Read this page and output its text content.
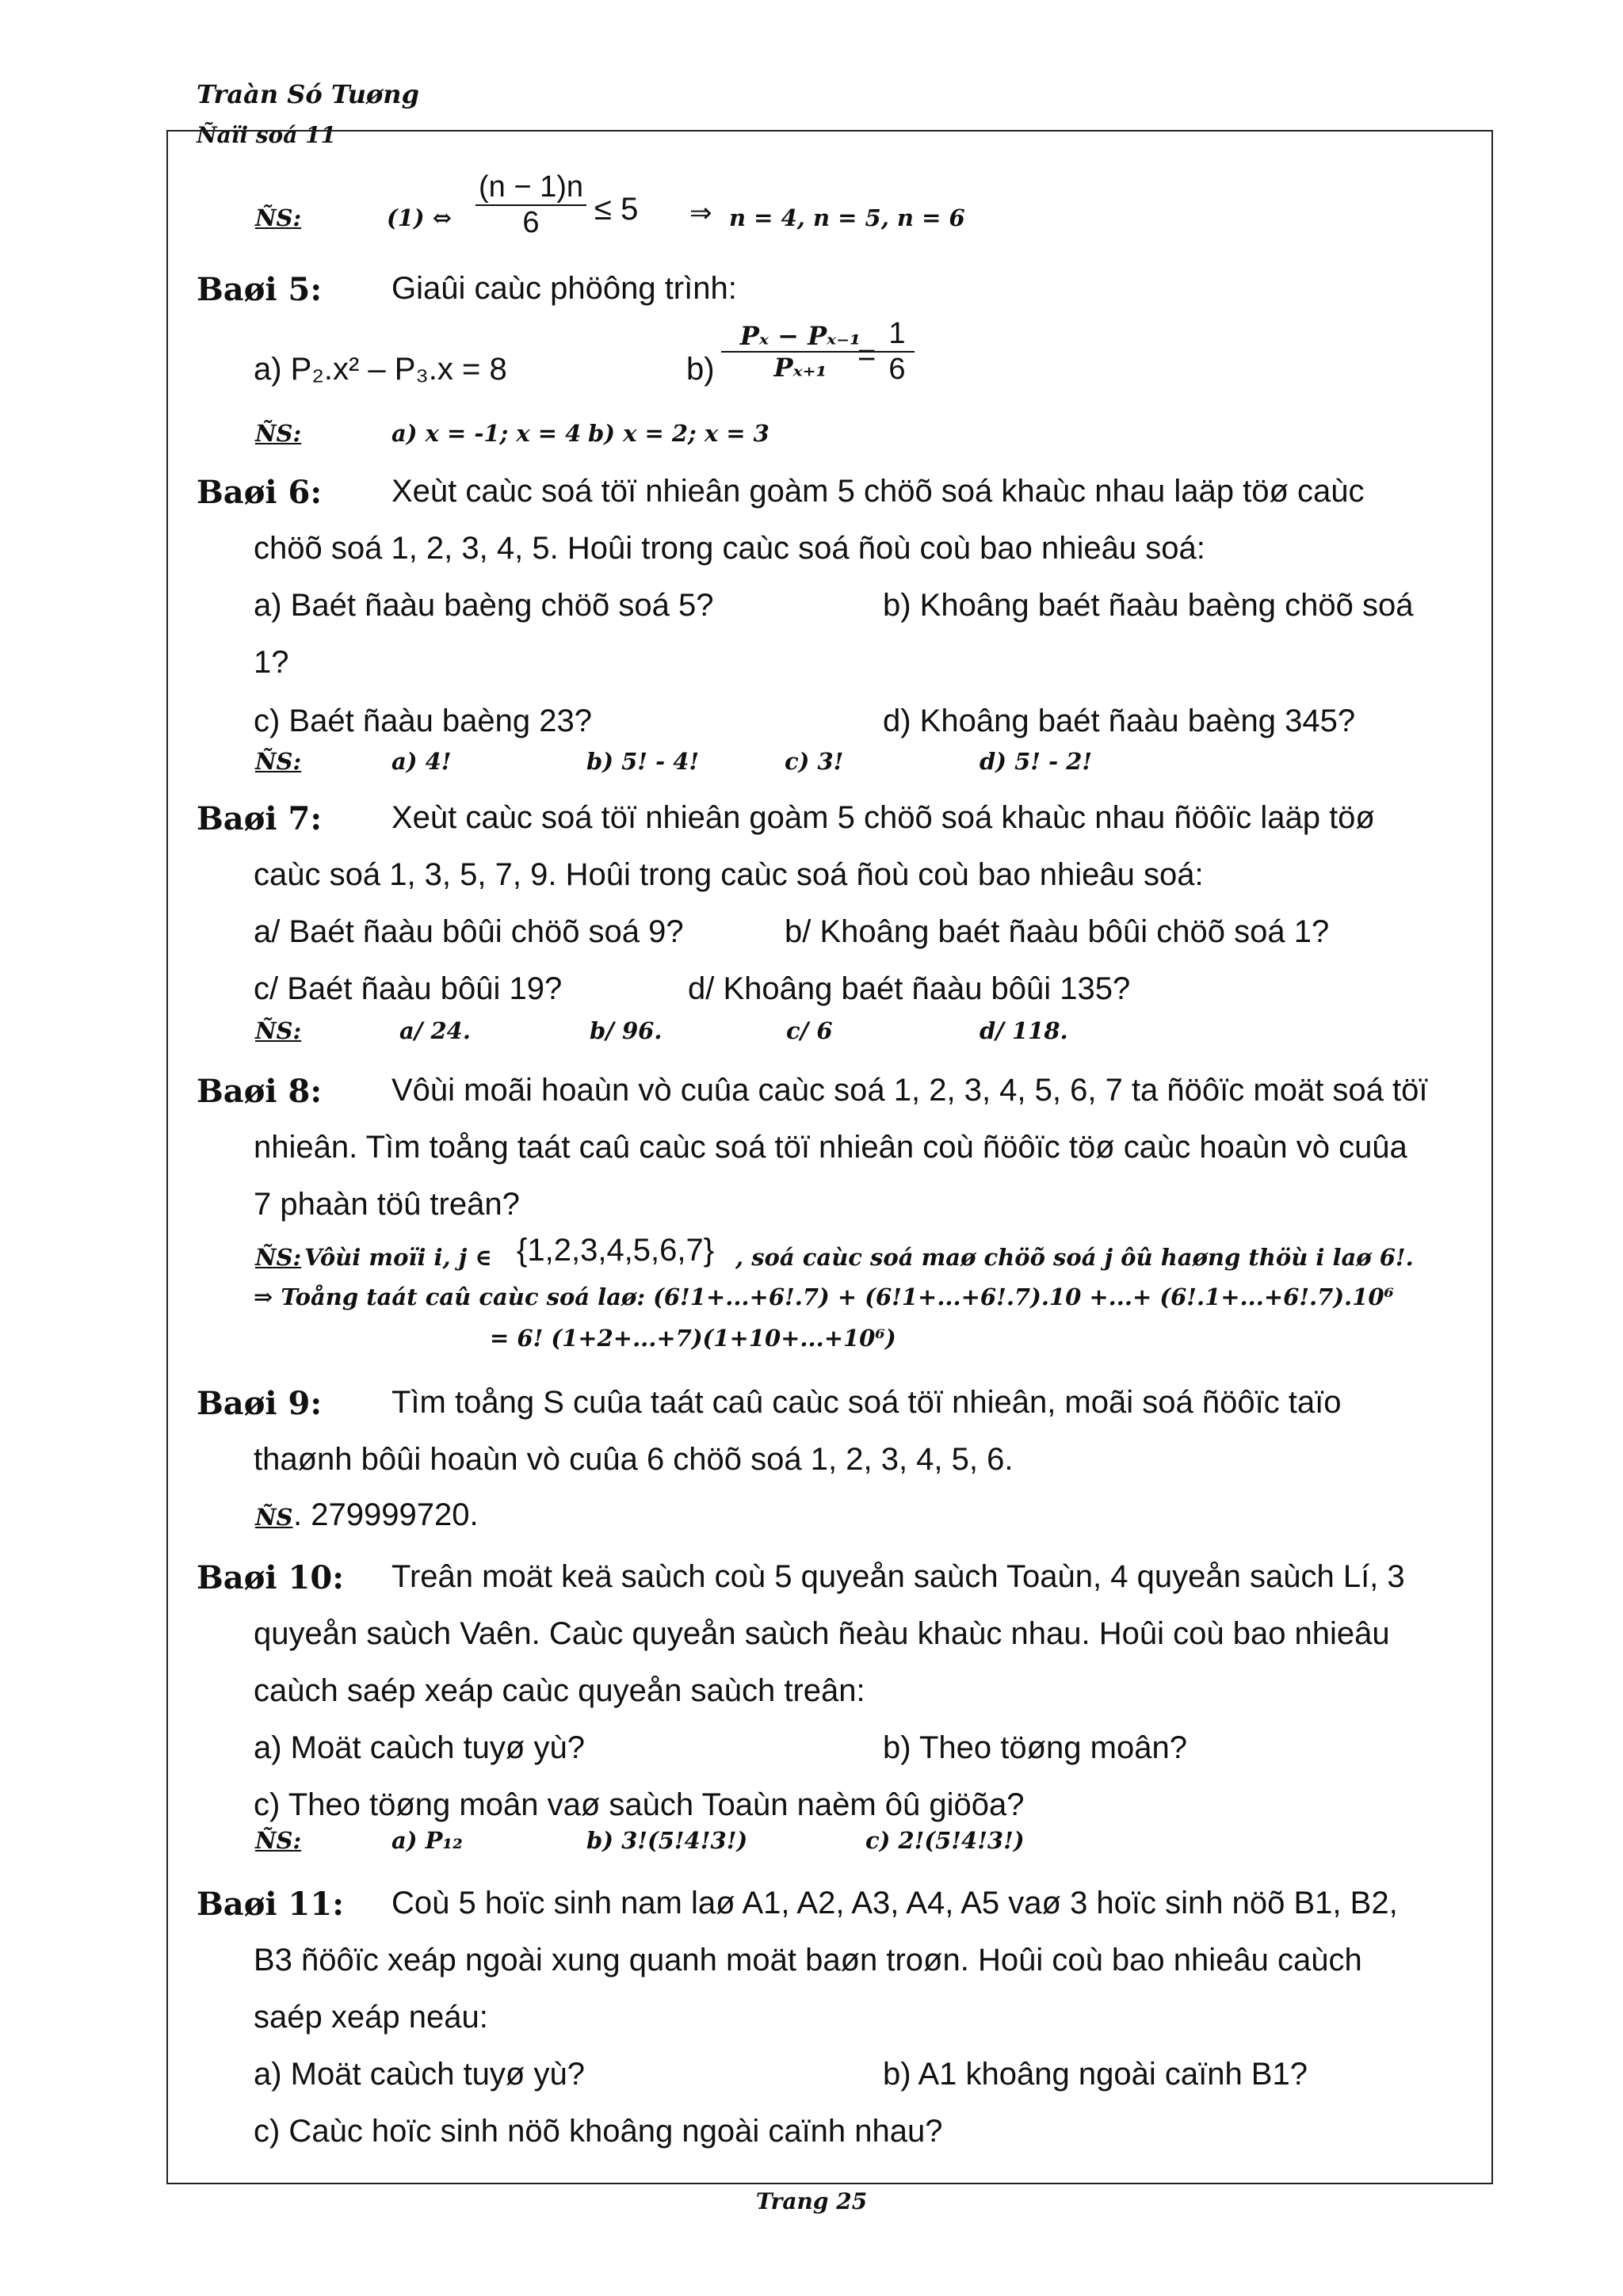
Traàn Só Tuøng
Ñaïi soá 11
ÑS:	(1) ⇔ $\frac{(n - 1)n}{6} \le 5$ ⇒ n = 4, n = 5, n = 6
Baøi 5: Giaûi caùc phöông trình:
a) P₂.x² – P₃.x = 8	$b) \frac{\text{Pₓ − Pₓ₋₁}}{\text{Pₓ₊₁}}$
= $\frac{1}{6}$
ÑS:	a) x = -1; x = 4 b) x = 2; x = 3
Baøi 6: Xeùt caùc soá töï nhieân goàm 5 chöõ soá khaùc nhau laäp töø caùc
chöõ soá 1, 2, 3, 4, 5. Hoûi trong caùc soá ñoù coù bao nhieâu soá:
a) Baét ñaàu baèng chöõ soá 5?	b) Khoâng baét ñaàu baèng chöõ soá
1?
c) Baét ñaàu baèng 23?	d) Khoâng baét ñaàu baèng 345?
ÑS:	a) 4!	b) 5! - 4!	c) 3!	d) 5! - 2!
Baøi 7: Xeùt caùc soá töï nhieân goàm 5 chöõ soá khaùc nhau ñöôïc laäp töø
caùc soá 1, 3, 5, 7, 9. Hoûi trong caùc soá ñoù coù bao nhieâu soá:
a/ Baét ñaàu bôûi chöõ soá 9?	b/ Khoâng baét ñaàu bôûi chöõ soá 1?
c/ Baét ñaàu bôûi 19?	d/ Khoâng baét ñaàu bôûi 135?
ÑS:	a/ 24.	b/ 96.	c/ 6	d/ 118.
Baøi 8: Vôùi moãi hoaùn vò cuûa caùc soá 1, 2, 3, 4, 5, 6, 7 ta ñöôïc moät soá töï
nhieân. Tìm toång taát caû caùc soá töï nhieân coù ñöôïc töø caùc hoaùn vò cuûa
7 phaàn töû treân?
ÑS: Vôùi moïi i, j ∈ {1,2,3,4,5,6,7} , soá caùc soá maø chöõ soá j ôû haøng thöù i laø 6!.
⇒ Toång taát caû caùc soá laø: (6!1+...+6!.7) + (6!1+...+6!.7).10 +...+ (6!.1+...+6!.7).10⁶
= 6! (1+2+...+7)(1+10+...+10⁶)
Baøi 9: Tìm toång S cuûa taát caû caùc soá töï nhieân, moãi soá ñöôïc taïo
thaønh bôûi hoaùn vò cuûa 6 chöõ soá 1, 2, 3, 4, 5, 6.
ÑS . 279999720.
Baøi 10: Treân moät keä saùch coù 5 quyeån saùch Toaùn, 4 quyeån saùch Lí, 3
quyeån saùch Vaên. Caùc quyeån saùch ñeàu khaùc nhau. Hoûi coù bao nhieâu
caùch saép xeáp caùc quyeån saùch treân:
a) Moät caùch tuyø yù?	b) Theo töøng moân?
c) Theo töøng moân vaø saùch Toaùn naèm ôû giöõa?
ÑS:	a) P₁₂	b) 3!(5!4!3!)	c) 2!(5!4!3!)
Baøi 11: Coù 5 hoïc sinh nam laø A1, A2, A3, A4, A5 vaø 3 hoïc sinh nöõ B1, B2,
B3 ñöôïc xeáp ngoài xung quanh moät baøn troøn. Hoûi coù bao nhieâu caùch
saép xeáp neáu:
a) Moät caùch tuyø yù?	b) A1 khoâng ngoài caïnh B1?
c) Caùc hoïc sinh nöõ khoâng ngoài caïnh nhau?
Trang 25
